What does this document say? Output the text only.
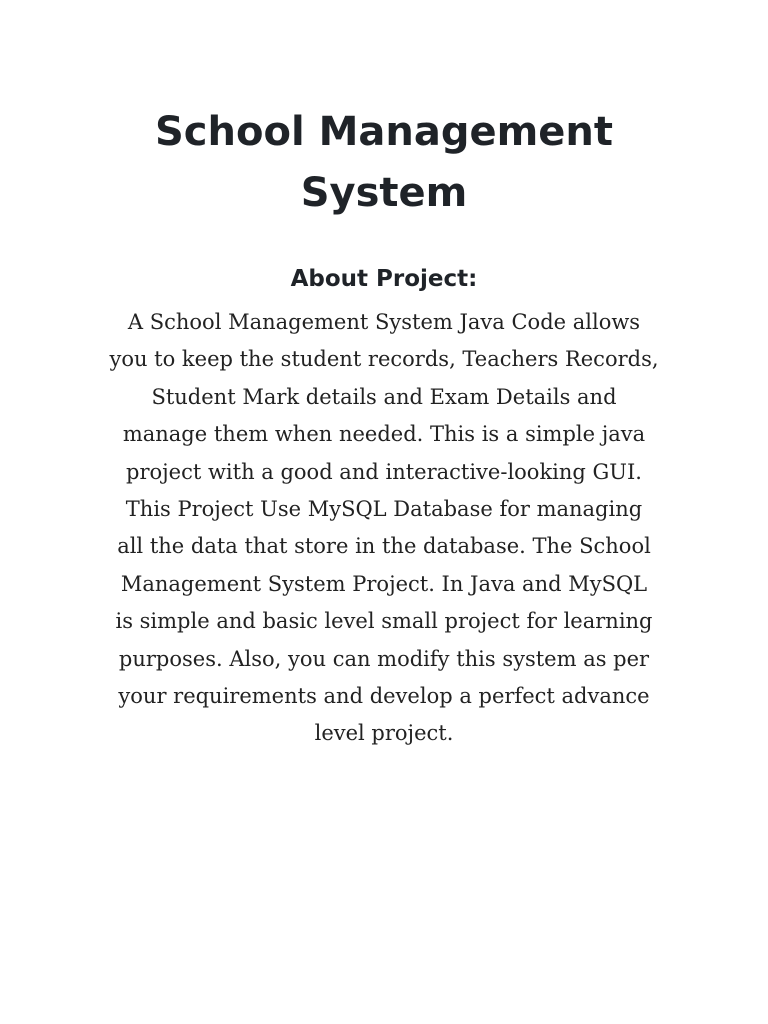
School Management System
About Project:
A School Management System Java Code allows
you to keep the student records, Teachers Records,
Student Mark details and Exam Details and
manage them when needed. This is a simple java
project with a good and interactive-looking GUI.
This Project Use MySQL Database for managing
all the data that store in the database. The School
Management System Project. In Java and MySQL
is simple and basic level small project for learning
purposes. Also, you can modify this system as per
your requirements and develop a perfect advance
level project.
